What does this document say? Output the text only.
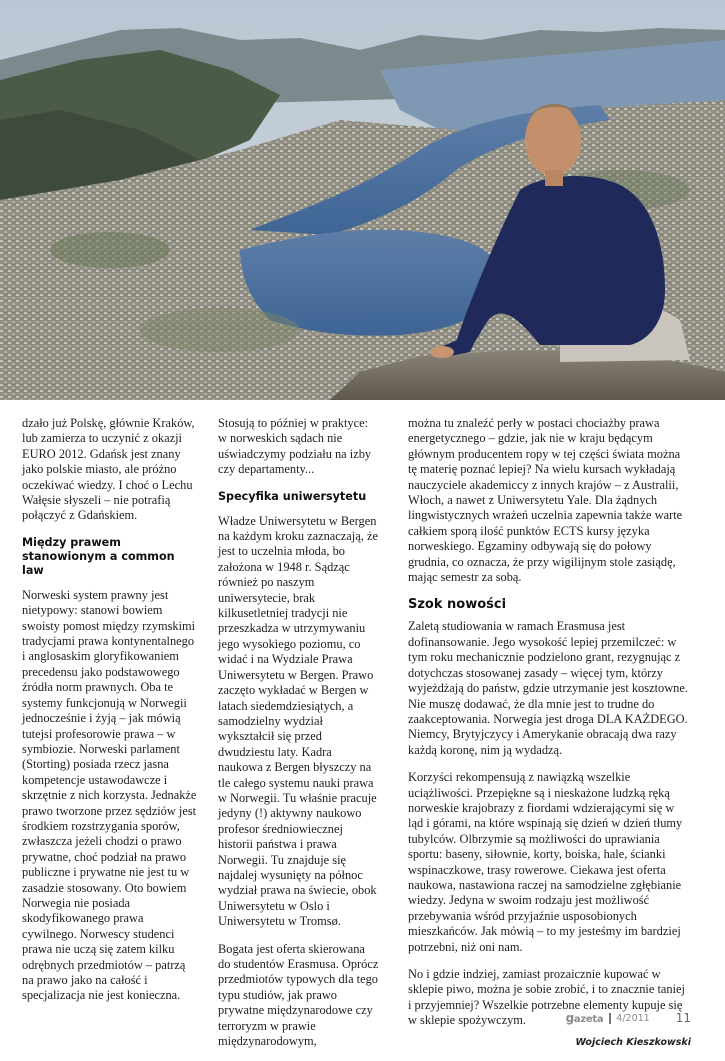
dzało już Polskę, głównie Kraków, lub zamierza to uczynić z okazji EURO 2012. Gdańsk jest znany jako polskie miasto, ale próżno oczekiwać wiedzy. I choć o Lechu Wałęsie słyszeli – nie potrafią połączyć z Gdańskiem.

Między prawem stanowionym a common law

Norweski system prawny jest nietypowy: stanowi bowiem swoisty pomost między rzymskimi tradycjami prawa kontynentalnego i anglosaskim gloryfikowaniem precedensu jako podstawowego źródła norm prawnych. Oba te systemy funkcjonują w Norwegii jednocześnie i żyją – jak mówią tutejsi profesorowie prawa – w symbiozie. Norweski parlament (Storting) posiada rzecz jasna kompetencje ustawodawcze i skrzętnie z nich korzysta. Jednakże prawo tworzone przez sędziów jest środkiem rozstrzygania sporów, zwłaszcza jeżeli chodzi o prawo prywatne, choć podział na prawo publiczne i prywatne nie jest tu w zasadzie stosowany. Oto bowiem Norwegia nie posiada skodyfikowanego prawa cywilnego. Norwescy studenci prawa nie uczą się zatem kilku odrębnych przedmiotów – patrzą na prawo jako na całość i specjalizacja nie jest konieczna.

Stosują to później w praktyce: w norweskich sądach nie uświadczymy podziału na izby czy departamenty...

Specyfika uniwersytetu

Władze Uniwersytetu w Bergen na każdym kroku zaznaczają, że jest to uczelnia młoda, bo założona w 1948 r. Sądząc również po naszym uniwersytecie, brak kilkusetletniej tradycji nie przeszkadza w utrzymywaniu jego wysokiego poziomu, co widać i na Wydziale Prawa Uniwersytetu w Bergen. Prawo zaczęto wykładać w Bergen w latach siedemdziesiątych, a samodzielny wydział wykształcił się przed dwudziestu laty. Kadra naukowa z Bergen błyszczy na tle całego systemu nauki prawa w Norwegii. Tu właśnie pracuje jedyny (!) aktywny naukowo profesor średniowiecznej historii państwa i prawa Norwegii. Tu znajduje się najdalej wysunięty na północ wydział prawa na świecie, obok Uniwersytetu w Oslo i Uniwersytetu w Tromsø.

Bogata jest oferta skierowana do studentów Erasmusa. Oprócz przedmiotów typowych dla tego typu studiów, jak prawo prywatne międzynarodowe czy terroryzm w prawie międzynarodowym,

można tu znaleźć perły w postaci chociażby prawa energetycznego – gdzie, jak nie w kraju będącym głównym producentem ropy w tej części świata można tę materię poznać lepiej? Na wielu kursach wykładają nauczyciele akademiccy z innych krajów – z Australii, Włoch, a nawet z Uniwersytetu Yale. Dla żądnych lingwistycznych wrażeń uczelnia zapewnia także warte całkiem sporą ilość punktów ECTS kursy języka norweskiego. Egzaminy odbywają się do połowy grudnia, co oznacza, że przy wigilijnym stole zasiądę, mając semestr za sobą.

Szok nowości

Zaletą studiowania w ramach Erasmusa jest dofinansowanie. Jego wysokość lepiej przemilczeć: w tym roku mechanicznie podzielono grant, rezygnując z dotychczas stosowanej zasady – więcej tym, którzy wyjeżdżają do państw, gdzie utrzymanie jest kosztowne. Nie muszę dodawać, że dla mnie jest to trudne do zaakceptowania. Norwegia jest droga DLA KAŻDEGO. Niemcy, Brytyjczycy i Amerykanie obracają dwa razy każdą koronę, nim ją wydadzą.

Korzyści rekompensują z nawiązką wszelkie uciążliwości. Przepiękne są i nieskażone ludzką ręką norweskie krajobrazy z fiordami wdzierającymi się w ląd i górami, na które wspinają się dzień w dzień tłumy tubylców. Olbrzymie są możliwości do uprawiania sportu: baseny, siłownie, korty, boiska, hale, ścianki wspinaczkowe, trasy rowerowe. Ciekawa jest oferta naukowa, nastawiona raczej na samodzielne zgłębianie wiedzy. Jedyna w swoim rodzaju jest możliwość przebywania wśród przyjaźnie usposobionych mieszkańców. Jak mówią – to my jesteśmy im bardziej potrzebni, niż oni nam.

No i gdzie indziej, zamiast prozaicznie kupować w sklepie piwo, można je sobie zrobić, i to znacznie taniej i przyjemniej? Wszelkie potrzebne elementy kupuje się w sklepie spożywczym.

Wojciech Kieszkowski
gazeta	4/2011 11
